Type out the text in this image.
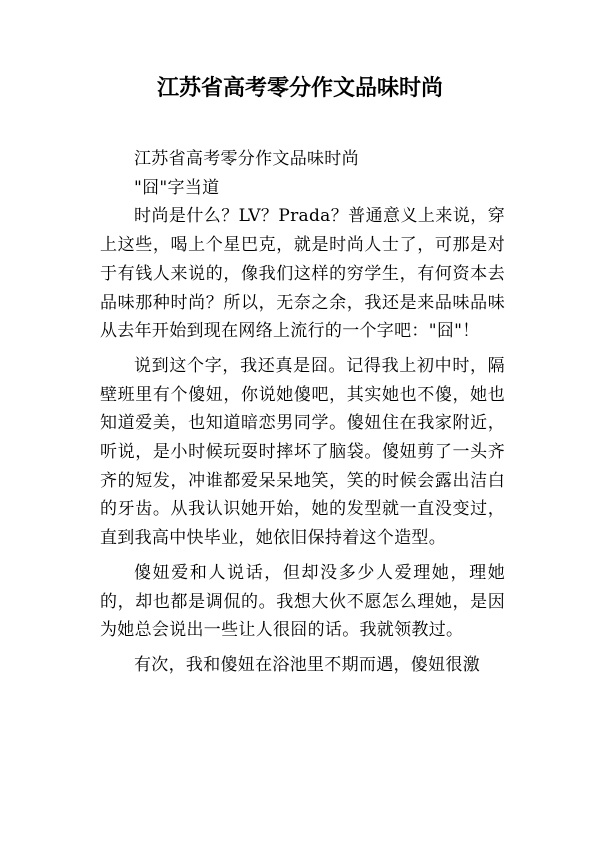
江苏省高考零分作文品味时尚

江苏省高考零分作文品味时尚

"囧"字当道

时尚是什么？LV？Prada？普通意义上来说，穿上这些，喝上个星巴克，就是时尚人士了，可那是对于有钱人来说的，像我们这样的穷学生，有何资本去品味那种时尚？所以，无奈之余，我还是来品味品味从去年开始到现在网络上流行的一个字吧："囧"！

说到这个字，我还真是囧。记得我上初中时，隔壁班里有个傻妞，你说她傻吧，其实她也不傻，她也知道爱美，也知道暗恋男同学。傻妞住在我家附近，听说，是小时候玩耍时摔坏了脑袋。傻妞剪了一头齐齐的短发，冲谁都爱呆呆地笑，笑的时候会露出洁白的牙齿。从我认识她开始，她的发型就一直没变过，直到我高中快毕业，她依旧保持着这个造型。

傻妞爱和人说话，但却没多少人爱理她，理她的，却也都是调侃的。我想大伙不愿怎么理她，是因为她总会说出一些让人很囧的话。我就领教过。

有次，我和傻妞在浴池里不期而遇，傻妞很激
